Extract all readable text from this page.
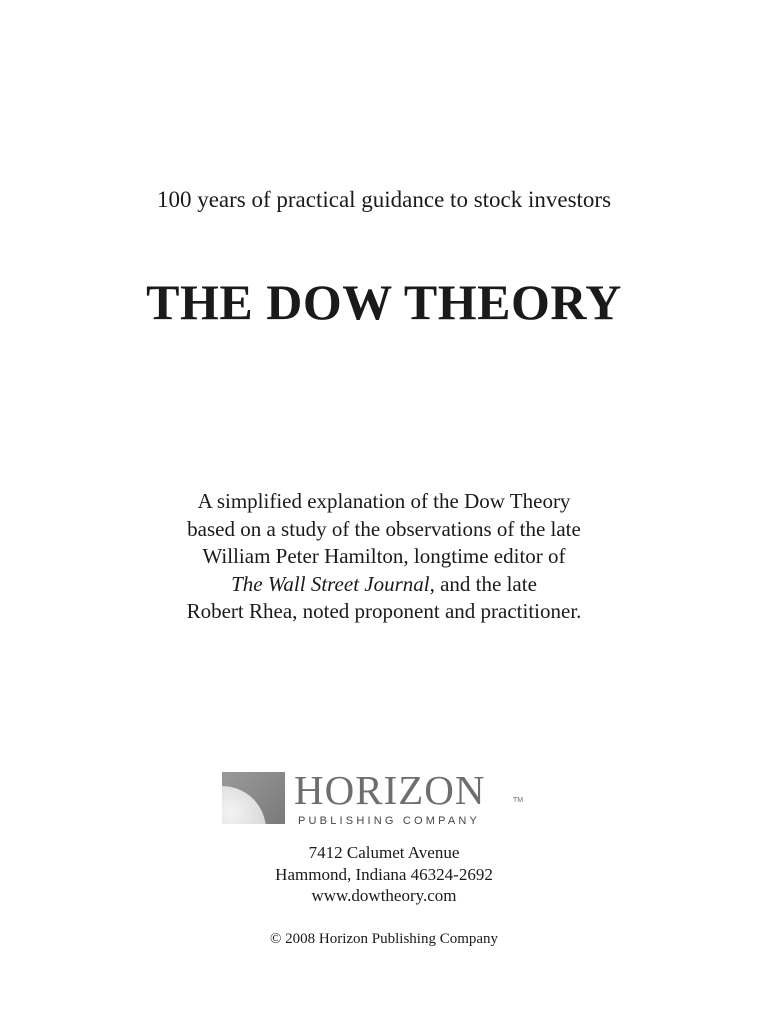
100 years of practical guidance to stock investors
THE DOW THEORY
A simplified explanation of the Dow Theory
based on a study of the observations of the late
William Peter Hamilton, longtime editor of
The Wall Street Journal, and the late
Robert Rhea, noted proponent and practitioner.
HORIZON	TM
PUBLISHING COMPANY
7412 Calumet Avenue
Hammond, Indiana 46324-2692
www.dowtheory.com
© 2008 Horizon Publishing Company
